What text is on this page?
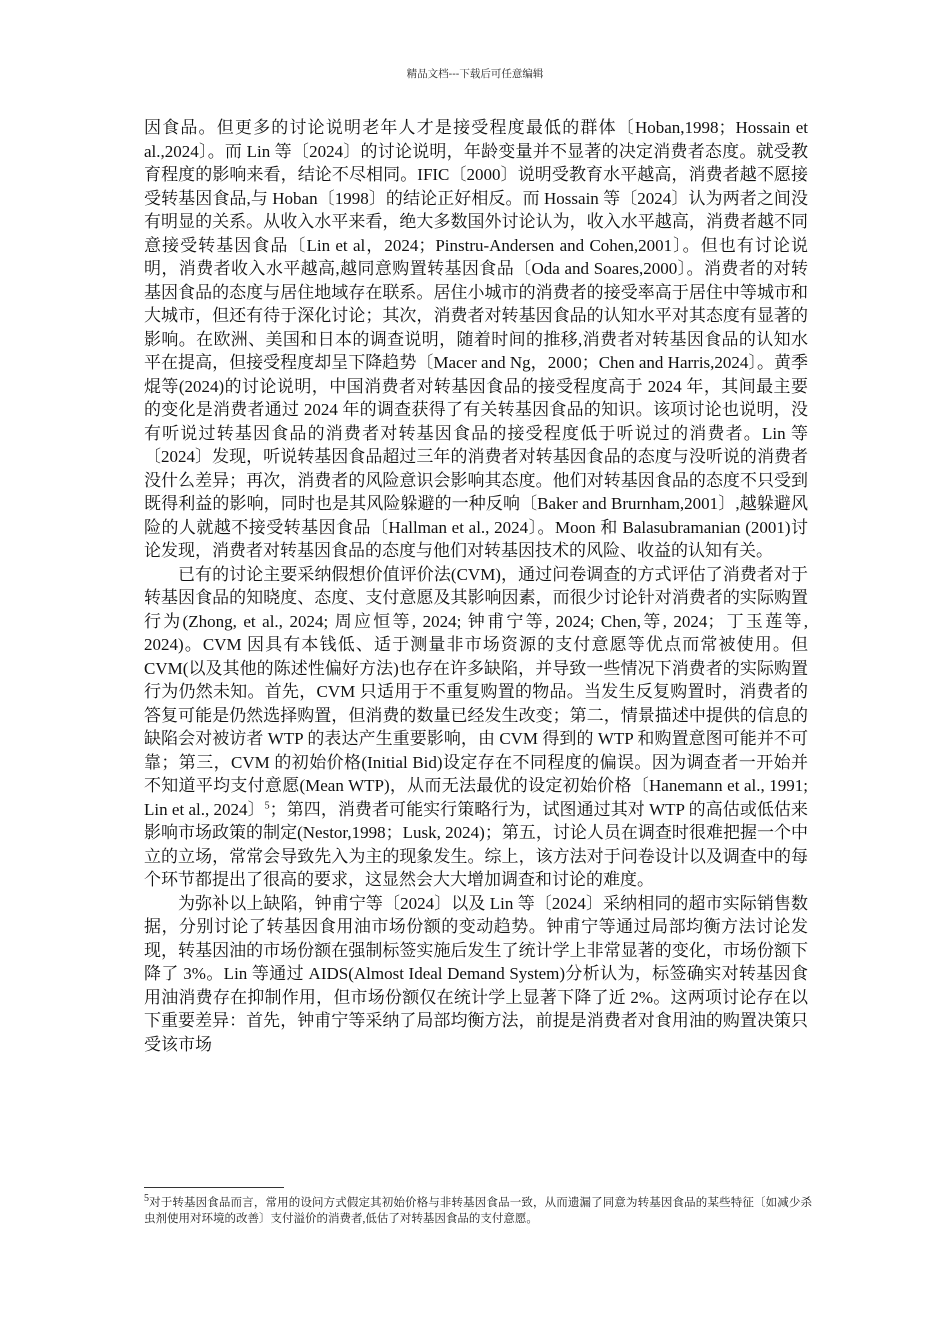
精品文档---下载后可任意编辑

因食品。但更多的讨论说明老年人才是接受程度最低的群体〔Hoban,1998；Hossain et al.,2024〕。而 Lin 等〔2024〕的讨论说明，年龄变量并不显著的决定消费者态度。就受教育程度的影响来看，结论不尽相同。IFIC〔2000〕说明受教育水平越高，消费者越不愿接受转基因食品,与 Hoban〔1998〕的结论正好相反。而 Hossain 等〔2024〕认为两者之间没有明显的关系。从收入水平来看，绝大多数国外讨论认为，收入水平越高，消费者越不同意接受转基因食品〔Lin et al，2024；Pinstru-Andersen and Cohen,2001〕。但也有讨论说明，消费者收入水平越高,越同意购置转基因食品〔Oda and Soares,2000〕。消费者的对转基因食品的态度与居住地域存在联系。居住小城市的消费者的接受率高于居住中等城市和大城市，但还有待于深化讨论；其次，消费者对转基因食品的认知水平对其态度有显著的影响。在欧洲、美国和日本的调查说明，随着时间的推移,消费者对转基因食品的认知水平在提高，但接受程度却呈下降趋势〔Macer and Ng，2000；Chen and Harris,2024〕。黄季焜等(2024)的讨论说明，中国消费者对转基因食品的接受程度高于 2024 年，其间最主要的变化是消费者通过 2024 年的调查获得了有关转基因食品的知识。该项讨论也说明，没有听说过转基因食品的消费者对转基因食品的接受程度低于听说过的消费者。Lin 等〔2024〕发现，听说转基因食品超过三年的消费者对转基因食品的态度与没听说的消费者没什么差异；再次，消费者的风险意识会影响其态度。他们对转基因食品的态度不只受到既得利益的影响，同时也是其风险躲避的一种反响〔Baker and Brurnham,2001〕,越躲避风险的人就越不接受转基因食品〔Hallman et al., 2024〕。Moon 和 Balasubramanian (2001)讨论发现，消费者对转基因食品的态度与他们对转基因技术的风险、收益的认知有关。

已有的讨论主要采纳假想价值评价法(CVM)，通过问卷调查的方式评估了消费者对于转基因食品的知晓度、态度、支付意愿及其影响因素，而很少讨论针对消费者的实际购置行为(Zhong, et al., 2024; 周应恒等, 2024; 钟甫宁等, 2024; Chen,等, 2024；丁玉莲等, 2024)。CVM 因具有本钱低、适于测量非市场资源的支付意愿等优点而常被使用。但 CVM(以及其他的陈述性偏好方法)也存在许多缺陷，并导致一些情况下消费者的实际购置行为仍然未知。首先，CVM 只适用于不重复购置的物品。当发生反复购置时，消费者的答复可能是仍然选择购置，但消费的数量已经发生改变；第二，情景描述中提供的信息的缺陷会对被访者 WTP 的表达产生重要影响，由 CVM 得到的 WTP 和购置意图可能并不可靠；第三，CVM 的初始价格(Initial Bid)设定存在不同程度的偏误。因为调查者一开始并不知道平均支付意愿(Mean WTP)，从而无法最优的设定初始价格〔Hanemann et al., 1991; Lin et al., 2024〕$^5$；第四，消费者可能实行策略行为，试图通过其对 WTP 的高估或低估来影响市场政策的制定(Nestor,1998；Lusk, 2024)；第五，讨论人员在调查时很难把握一个中立的立场，常常会导致先入为主的现象发生。综上，该方法对于问卷设计以及调查中的每个环节都提出了很高的要求，这显然会大大增加调查和讨论的难度。

为弥补以上缺陷，钟甫宁等〔2024〕以及 Lin 等〔2024〕采纳相同的超市实际销售数据，分别讨论了转基因食用油市场份额的变动趋势。钟甫宁等通过局部均衡方法讨论发现，转基因油的市场份额在强制标签实施后发生了统计学上非常显著的变化，市场份额下降了 3%。Lin 等通过 AIDS(Almost Ideal Demand System)分析认为，标签确实对转基因食用油消费存在抑制作用，但市场份额仅在统计学上显著下降了近 2%。这两项讨论存在以下重要差异：首先，钟甫宁等采纳了局部均衡方法，前提是消费者对食用油的购置决策只受该市场

$^5$对于转基因食品而言，常用的设问方式假定其初始价格与非转基因食品一致，从而遗漏了同意为转基因食品的某些特征〔如减少杀虫剂使用对环境的改善〕支付溢价的消费者,低估了对转基因食品的支付意愿。
